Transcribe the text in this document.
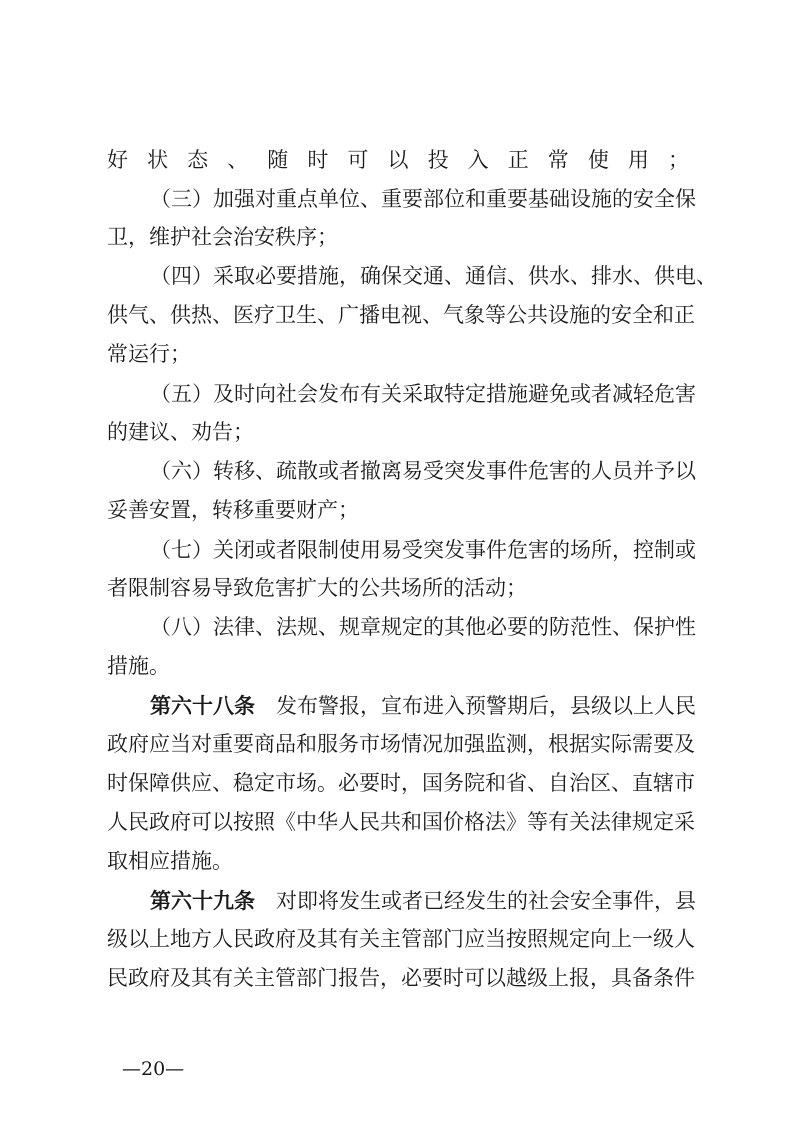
好状态、随时可以投入正常使用；
（三）加强对重点单位、重要部位和重要基础设施的安全保
卫，维护社会治安秩序；
（四）采取必要措施，确保交通、通信、供水、排水、供电、
供气、供热、医疗卫生、广播电视、气象等公共设施的安全和正
常运行；
（五）及时向社会发布有关采取特定措施避免或者减轻危害
的建议、劝告；
（六）转移、疏散或者撤离易受突发事件危害的人员并予以
妥善安置，转移重要财产；
（七）关闭或者限制使用易受突发事件危害的场所，控制或
者限制容易导致危害扩大的公共场所的活动；
（八）法律、法规、规章规定的其他必要的防范性、保护性
措施。
第六十八条　发布警报，宣布进入预警期后，县级以上人民
政府应当对重要商品和服务市场情况加强监测，根据实际需要及
时保障供应、稳定市场。必要时，国务院和省、自治区、直辖市
人民政府可以按照《中华人民共和国价格法》等有关法律规定采
取相应措施。
第六十九条　对即将发生或者已经发生的社会安全事件，县
级以上地方人民政府及其有关主管部门应当按照规定向上一级人
民政府及其有关主管部门报告，必要时可以越级上报，具备条件
—20—
